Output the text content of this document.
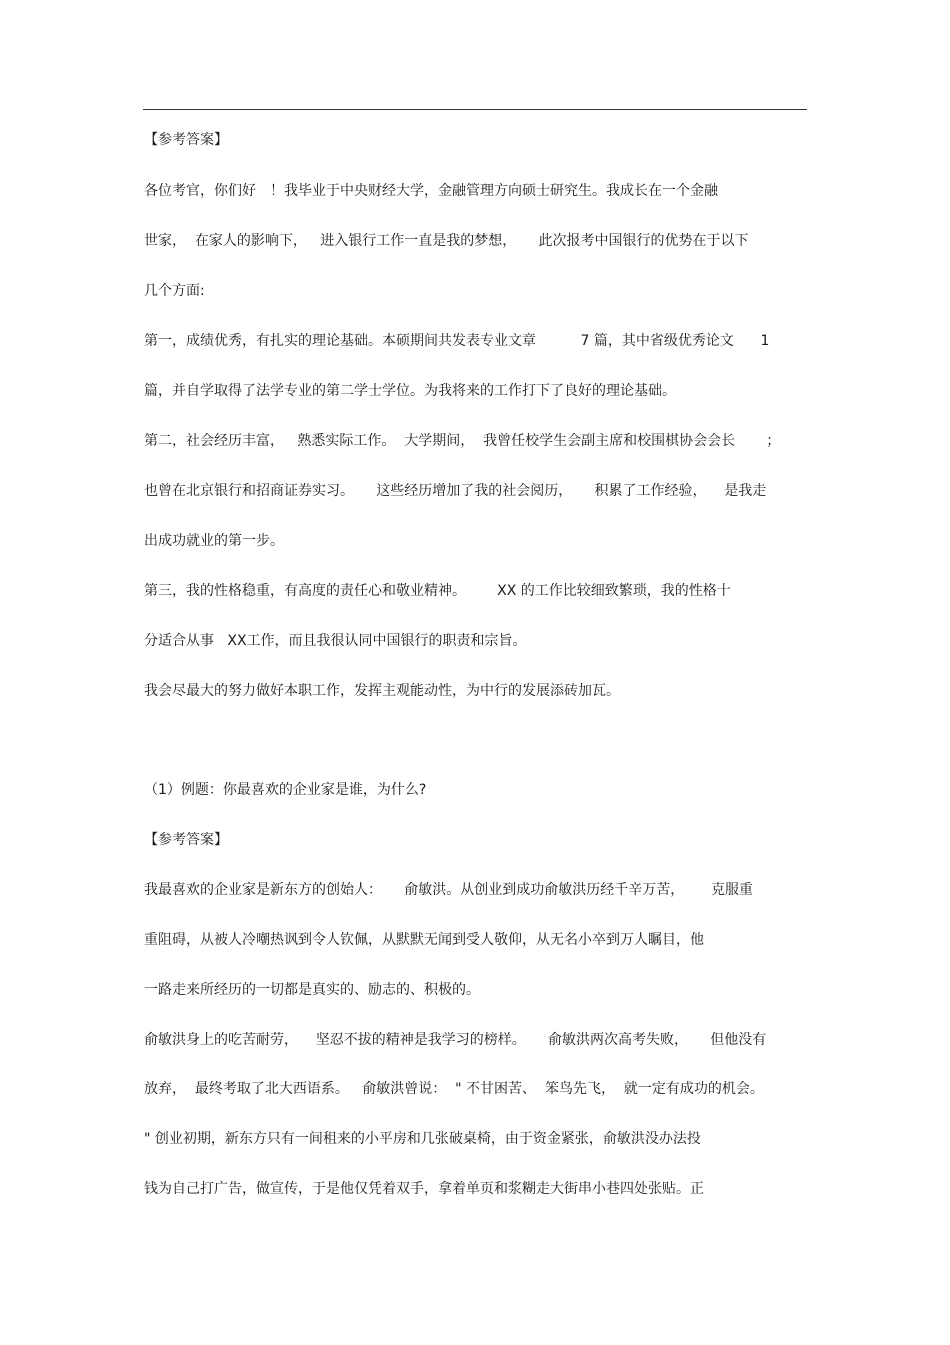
【参考答案】
各位考官，你们好　！我毕业于中央财经大学，金融管理方向硕士研究生。我成长在一个金融
世家，  在家人的影响下，   进入银行工作一直是我的梦想，     此次报考中国银行的优势在于以下
几个方面:
第一，成绩优秀，有扎实的理论基础。本硕期间共发表专业文章          7 篇，其中省级优秀论文      1
篇，并自学取得了法学专业的第二学士学位。为我将来的工作打下了良好的理论基础。
第二，社会经历丰富，   熟悉实际工作。  大学期间，  我曾任校学生会副主席和校围棋协会会长       ；
也曾在北京银行和招商证券实习。     这些经历增加了我的社会阅历，     积累了工作经验，    是我走
出成功就业的第一步。
第三，我的性格稳重，有高度的责任心和敬业精神。       XX 的工作比较细致繁琐，我的性格十
分适合从事   XX工作，而且我很认同中国银行的职责和宗旨。
我会尽最大的努力做好本职工作，发挥主观能动性，为中行的发展添砖加瓦。
（1）例题：你最喜欢的企业家是谁，为什么?
【参考答案】
我最喜欢的企业家是新东方的创始人：     俞敏洪。从创业到成功俞敏洪历经千辛万苦，      克服重
重阻碍，从被人冷嘲热讽到令人钦佩，从默默无闻到受人敬仰，从无名小卒到万人瞩目，他
一路走来所经历的一切都是真实的、励志的、积极的。
俞敏洪身上的吃苦耐劳，    坚忍不拔的精神是我学习的榜样。     俞敏洪两次高考失败，     但他没有
放弃，  最终考取了北大西语系。   俞敏洪曾说：  " 不甘困苦、  笨鸟先飞，  就一定有成功的机会。
" 创业初期，新东方只有一间租来的小平房和几张破桌椅，由于资金紧张，俞敏洪没办法投
钱为自己打广告，做宣传，于是他仅凭着双手，拿着单页和浆糊走大街串小巷四处张贴。正
